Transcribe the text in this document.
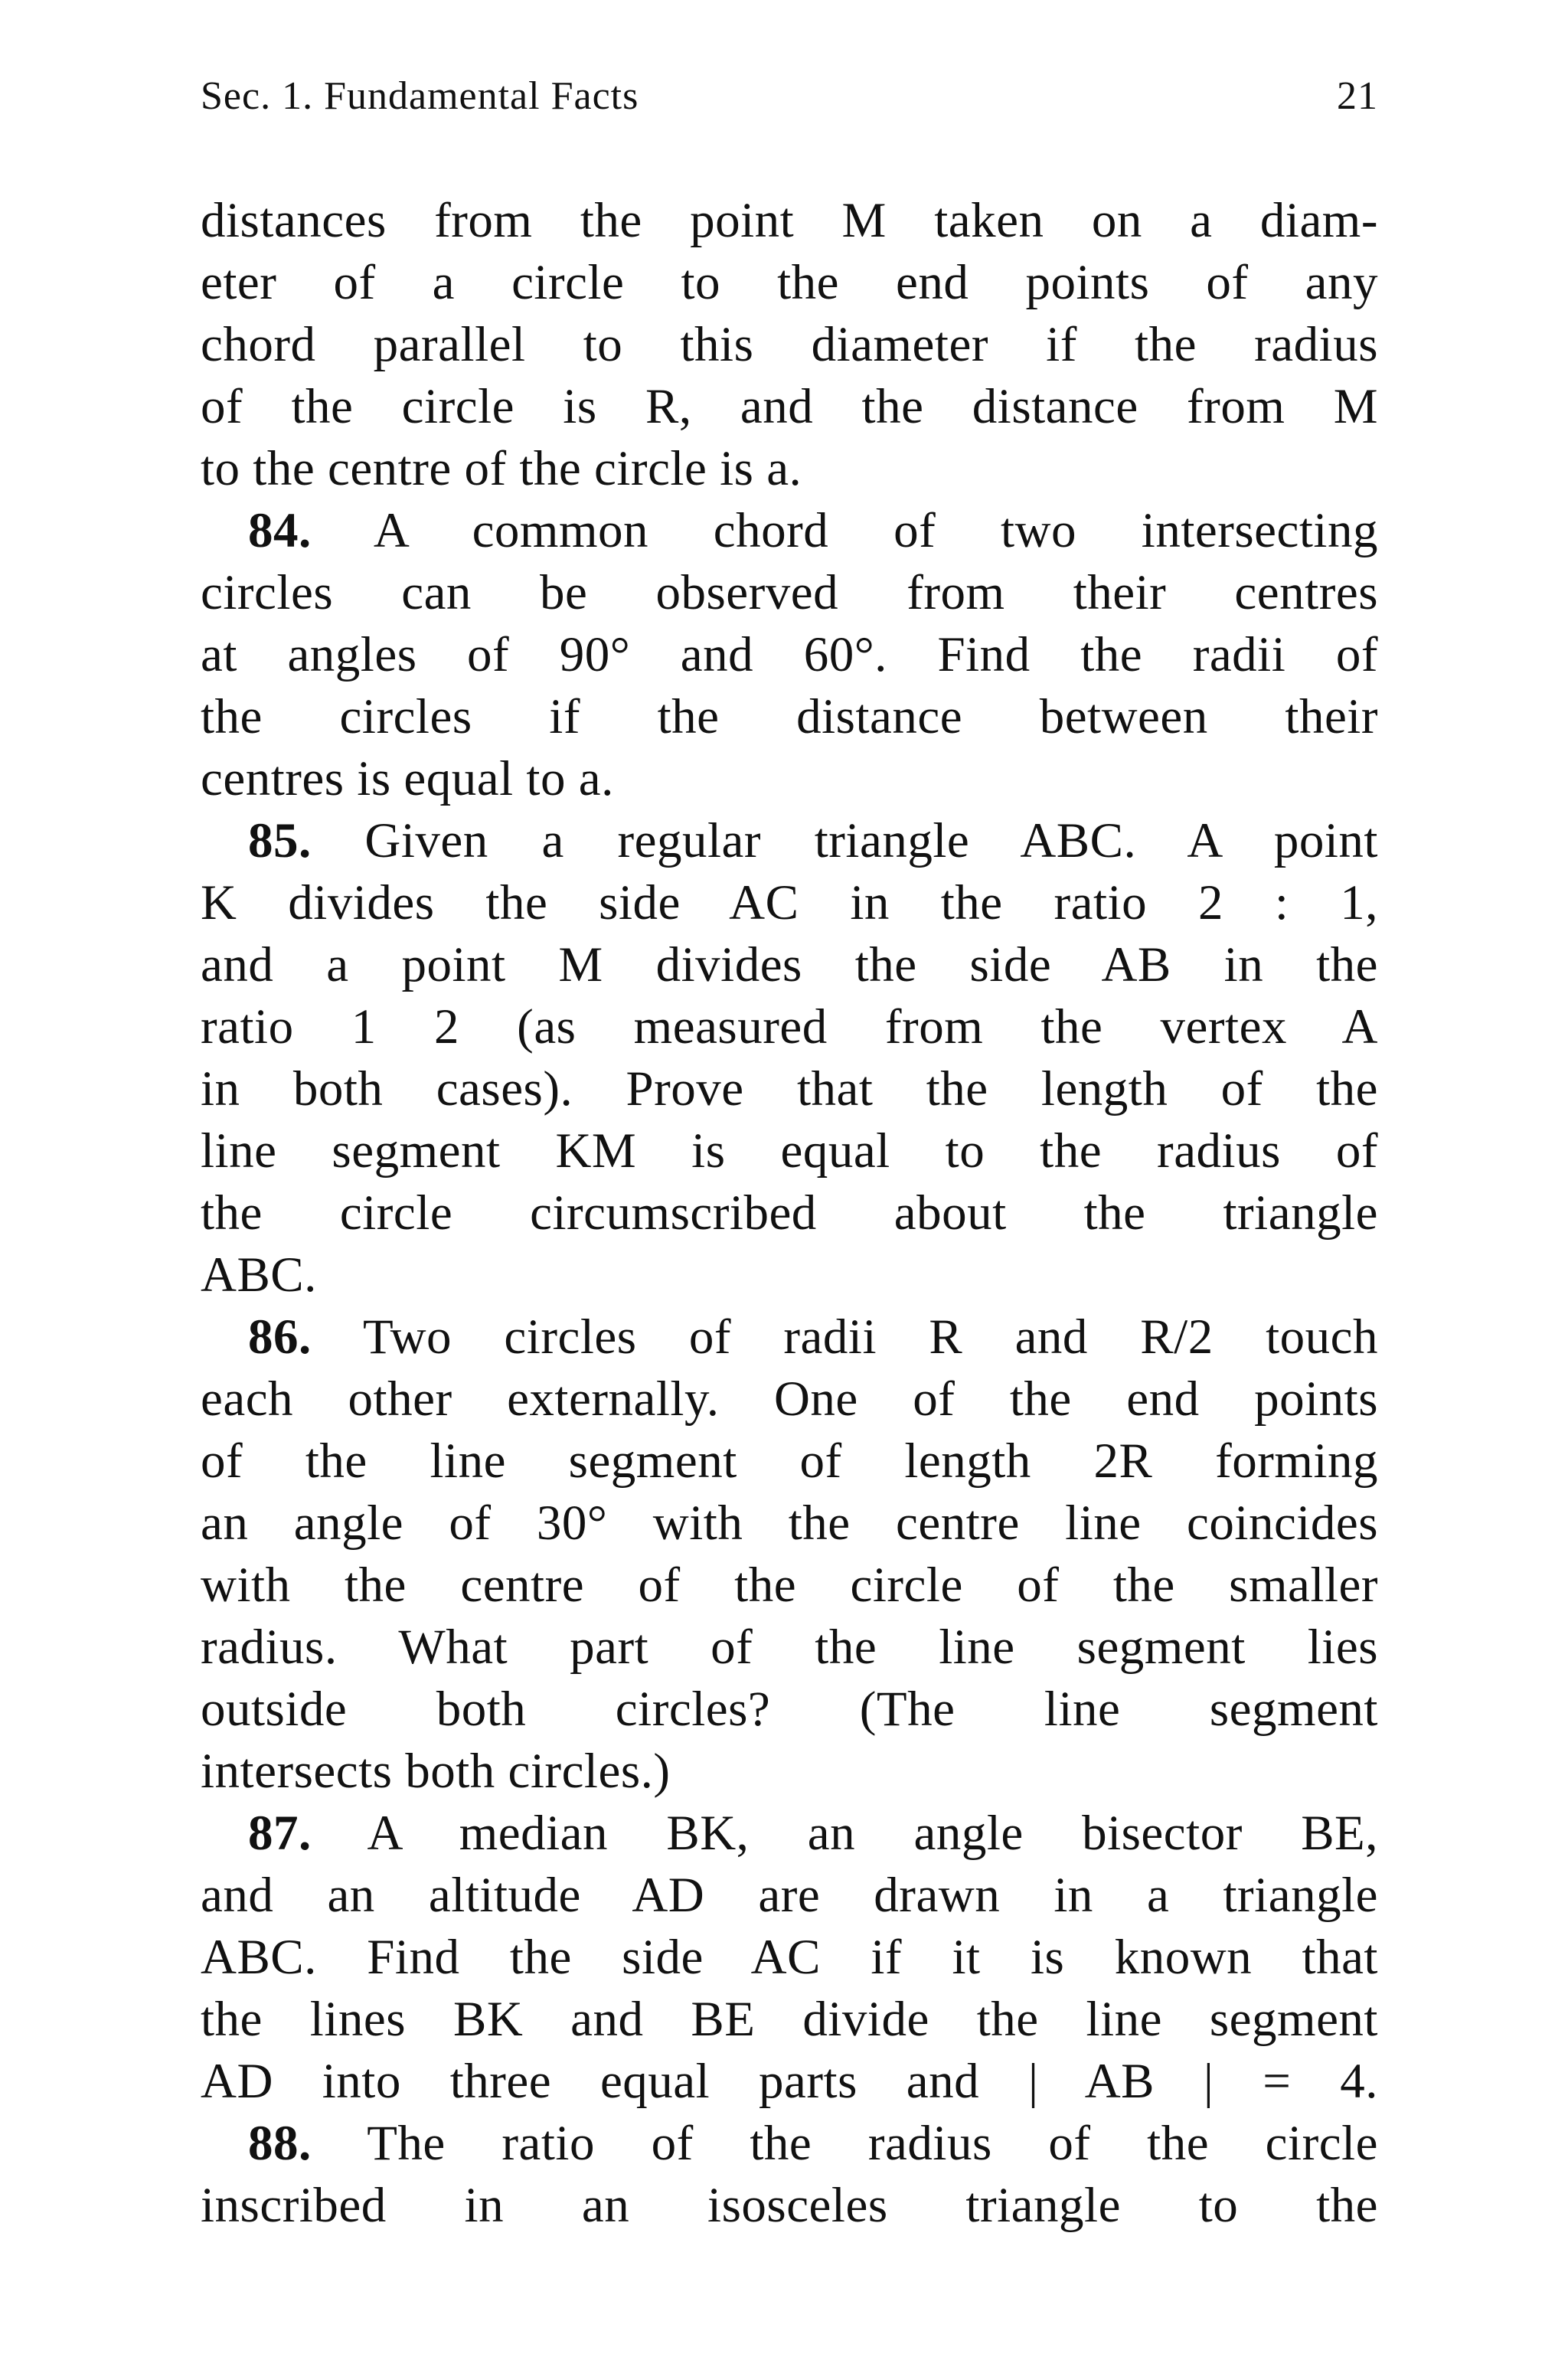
Sec. 1. Fundamental Facts	21
distances from the point M taken on a diam-
eter of a circle to the end points of any
chord parallel to this diameter if the radius
of the circle is R, and the distance from M
to the centre of the circle is a.
84. A common chord of two intersecting
circles can be observed from their centres
at angles of 90° and 60°. Find the radii of
the circles if the distance between their
centres is equal to a.
85. Given a regular triangle ABC. A point
K divides the side AC in the ratio 2 : 1,
and a point M divides the side AB in the
ratio 1 2 (as measured from the vertex A
in both cases). Prove that the length of the
line segment KM is equal to the radius of
the circle circumscribed about the triangle
ABC.
86. Two circles of radii R and R/2 touch
each other externally. One of the end points
of the line segment of length 2R forming
an angle of 30° with the centre line coincides
with the centre of the circle of the smaller
radius. What part of the line segment lies
outside both circles? (The line segment
intersects both circles.)
87. A median BK, an angle bisector BE,
and an altitude AD are drawn in a triangle
ABC. Find the side AC if it is known that
the lines BK and BE divide the line segment
AD into three equal parts and | AB | = 4.
88. The ratio of the radius of the circle
inscribed in an isosceles triangle to the
